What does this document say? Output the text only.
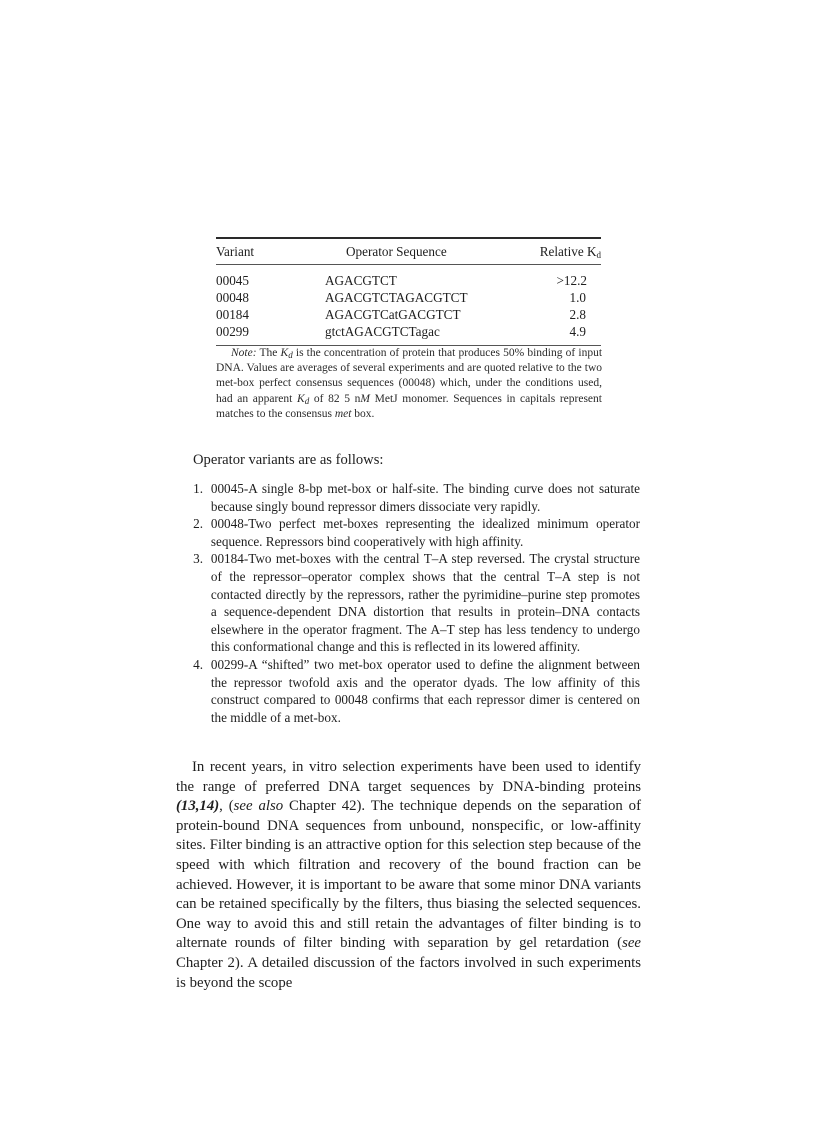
Variant	Operator Sequence	Relative $K_d$
00045	AGACGTCT	>12.2
00048	AGACGTCTAGACGTCT	1.0
00184	AGACGTCatGACGTCT	2.8
00299	gtctAGACGTCTagac	4.9
Note: The $K_d$ is the concentration of protein that produces 50% binding of input DNA. Values are averages of several experiments and are quoted relative to the two met-box perfect consensus sequences (00048) which, under the conditions used, had an apparent $K_d$ of 82 5 nM MetJ monomer. Sequences in capitals represent matches to the consensus met box.
Operator variants are as follows:
1. 00045-A single 8-bp met-box or half-site. The binding curve does not saturate because singly bound repressor dimers dissociate very rapidly.
2. 00048-Two perfect met-boxes representing the idealized minimum operator sequence. Repressors bind cooperatively with high affinity.
3. 00184-Two met-boxes with the central T–A step reversed. The crystal structure of the repressor–operator complex shows that the central T–A step is not contacted directly by the repressors, rather the pyrimidine–purine step promotes a sequence-dependent DNA distortion that results in protein–DNA contacts elsewhere in the operator fragment. The A–T step has less tendency to undergo this conformational change and this is reflected in its lowered affinity.
4. 00299-A “shifted” two met-box operator used to define the alignment between the repressor twofold axis and the operator dyads. The low affinity of this construct compared to 00048 confirms that each repressor dimer is centered on the middle of a met-box.

In recent years, in vitro selection experiments have been used to identify the range of preferred DNA target sequences by DNA-binding proteins (13,14), (see also Chapter 42). The technique depends on the separation of protein-bound DNA sequences from unbound, nonspecific, or low-affinity sites. Filter binding is an attractive option for this selection step because of the speed with which filtration and recovery of the bound fraction can be achieved. However, it is important to be aware that some minor DNA variants can be retained specifically by the filters, thus biasing the selected sequences. One way to avoid this and still retain the advantages of filter binding is to alternate rounds of filter binding with separation by gel retardation (see Chapter 2). A detailed discussion of the factors involved in such experiments is beyond the scope
